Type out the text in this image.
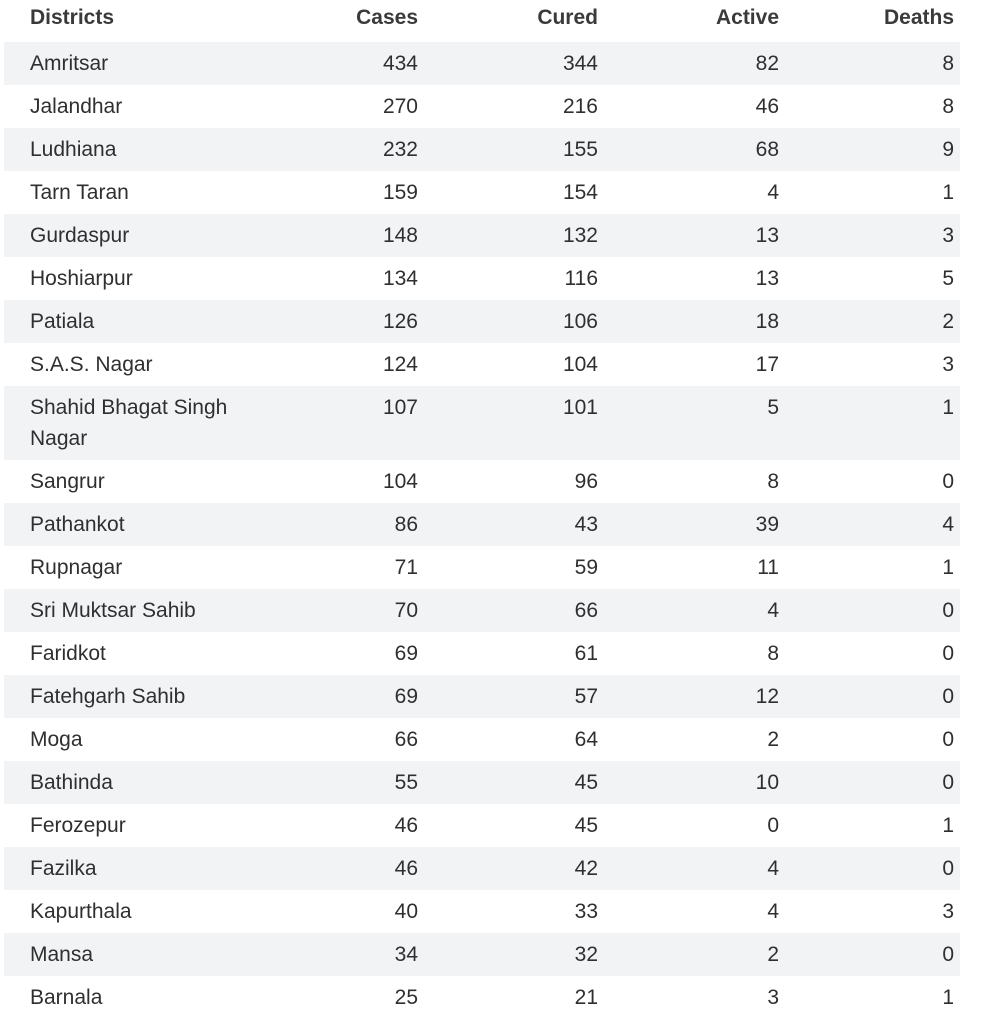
Districts	Cases	Cured	Active	Deaths
Amritsar	434	344	82	8
Jalandhar	270	216	46	8
Ludhiana	232	155	68	9
Tarn Taran	159	154	4	1
Gurdaspur	148	132	13	3
Hoshiarpur	134	116	13	5
Patiala	126	106	18	2
S.A.S. Nagar	124	104	17	3
Shahid Bhagat Singh Nagar	107	101	5	1
Sangrur	104	96	8	0
Pathankot	86	43	39	4
Rupnagar	71	59	11	1
Sri Muktsar Sahib	70	66	4	0
Faridkot	69	61	8	0
Fatehgarh Sahib	69	57	12	0
Moga	66	64	2	0
Bathinda	55	45	10	0
Ferozepur	46	45	0	1
Fazilka	46	42	4	0
Kapurthala	40	33	4	3
Mansa	34	32	2	0
Barnala	25	21	3	1
